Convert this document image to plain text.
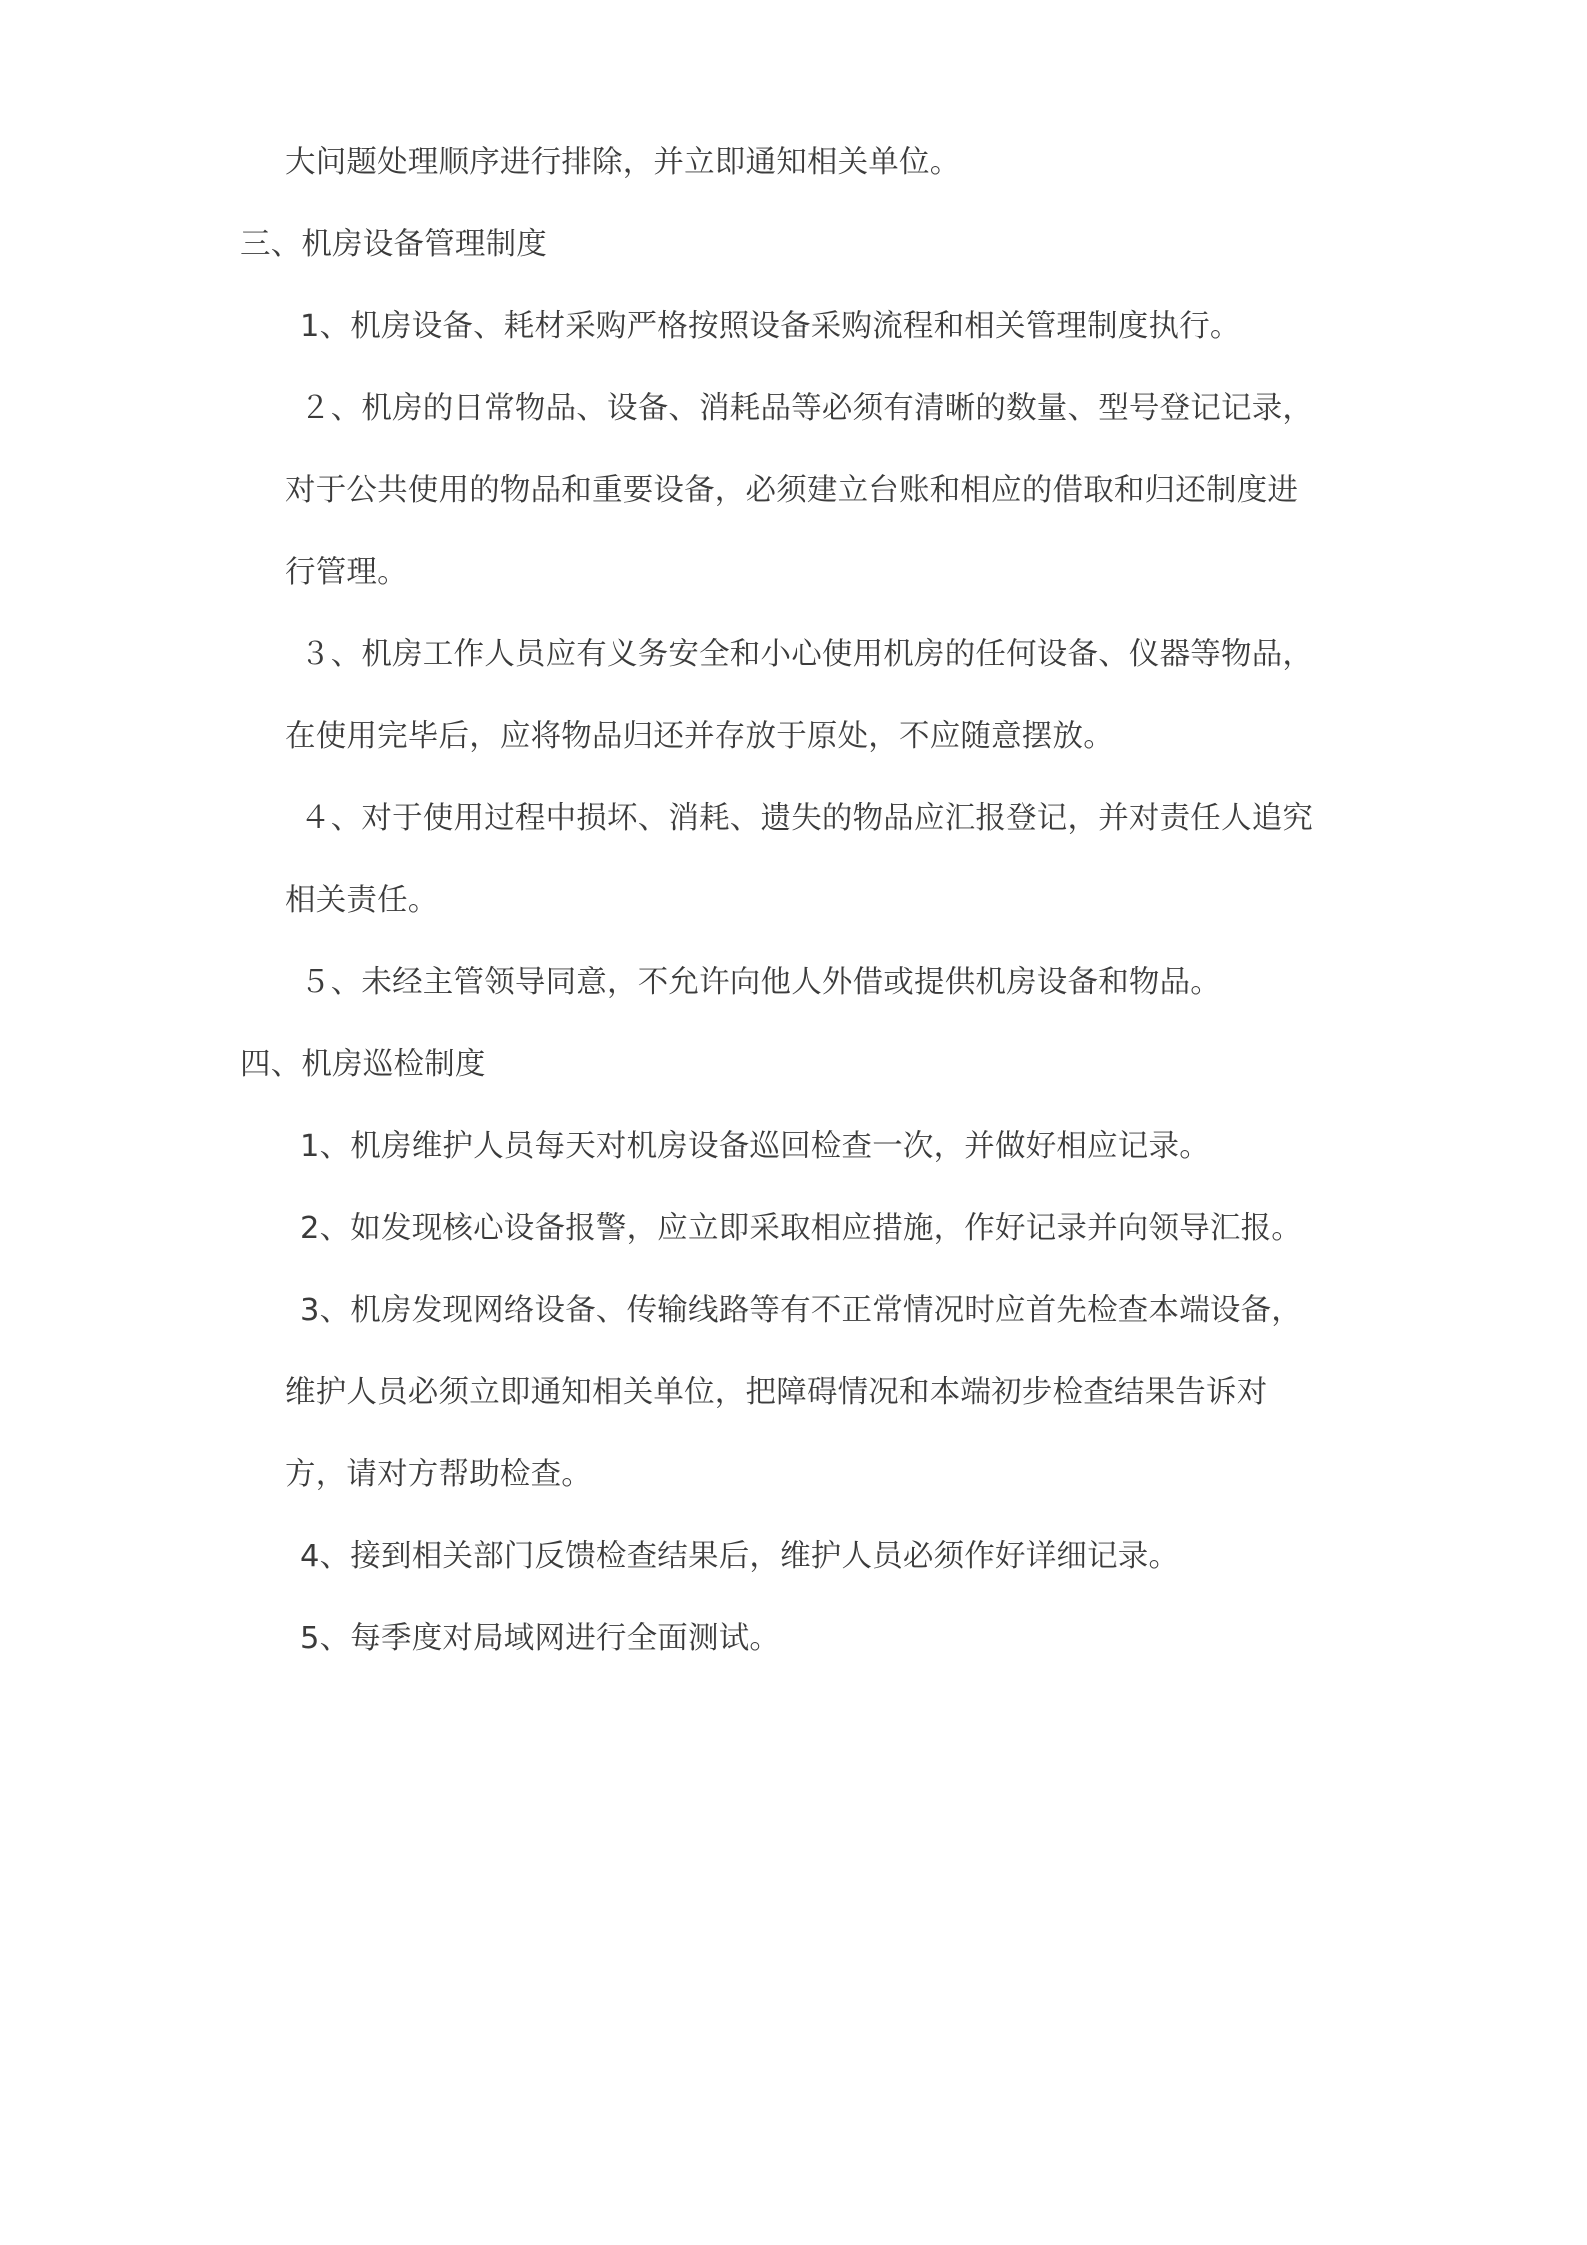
大问题处理顺序进行排除，并立即通知相关单位。
三、机房设备管理制度
1、机房设备、耗材采购严格按照设备采购流程和相关管理制度执行。
２、机房的日常物品、设备、消耗品等必须有清晰的数量、型号登记记录，
对于公共使用的物品和重要设备，必须建立台账和相应的借取和归还制度进
行管理。
３、机房工作人员应有义务安全和小心使用机房的任何设备、仪器等物品，
在使用完毕后，应将物品归还并存放于原处，不应随意摆放。
４、对于使用过程中损坏、消耗、遗失的物品应汇报登记，并对责任人追究
相关责任。
５、未经主管领导同意，不允许向他人外借或提供机房设备和物品。
四、机房巡检制度
1、机房维护人员每天对机房设备巡回检查一次，并做好相应记录。
2、如发现核心设备报警，应立即采取相应措施，作好记录并向领导汇报。
3、机房发现网络设备、传输线路等有不正常情况时应首先检查本端设备，
维护人员必须立即通知相关单位，把障碍情况和本端初步检查结果告诉对
方，请对方帮助检查。
4、接到相关部门反馈检查结果后，维护人员必须作好详细记录。
5、每季度对局域网进行全面测试。
